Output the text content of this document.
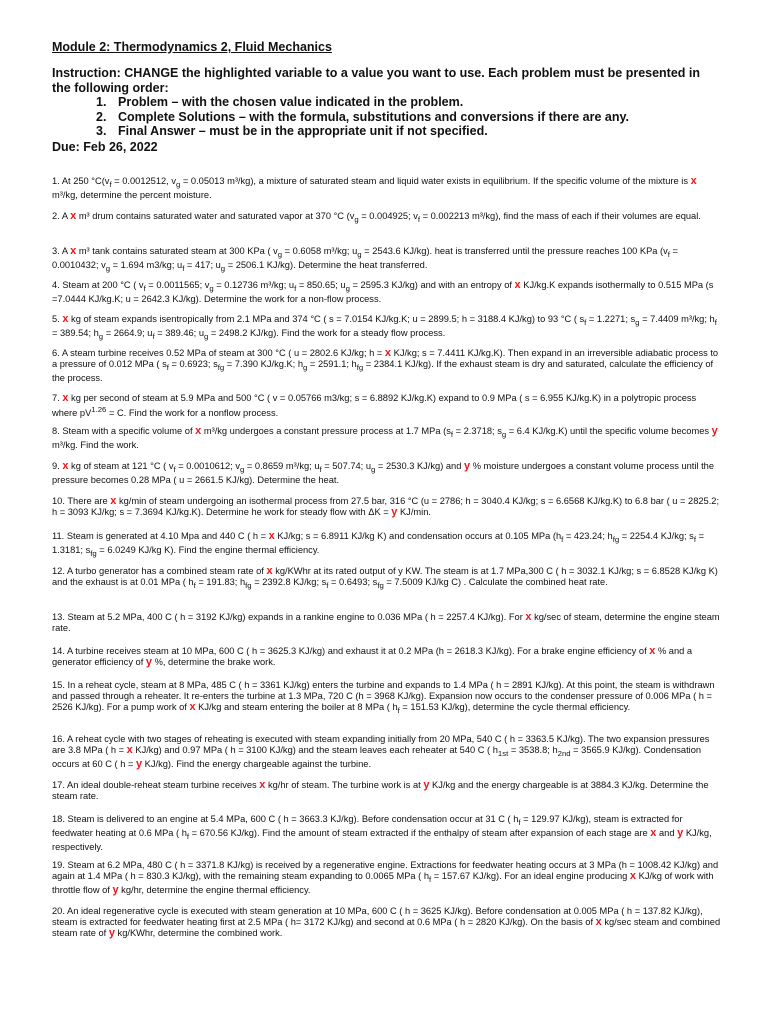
Module 2: Thermodynamics 2, Fluid Mechanics
Instruction: CHANGE the highlighted variable to a value you want to use. Each problem must be presented in the following order:
1. Problem – with the chosen value indicated in the problem.
2. Complete Solutions – with the formula, substitutions and conversions if there are any.
3. Final Answer – must be in the appropriate unit if not specified.
Due: Feb 26, 2022

1. At 250 $^\circ C(v_f = 0.0012512$, $v_g = 0.05013$ m³/kg), a mixture of saturated steam and liquid water exists in equilibrium. If the specific volume of the mixture is x m³/kg, determine the percent moisture.

2. A x m³ drum contains saturated water and saturated vapor at 370 °C ($v_g = 0.004925$; $v_f = 0.002213$ m³/kg), find the mass of each if their volumes are equal.

3. A x m³ tank contains saturated steam at 300 KPa ( $v_g = 0.6058$ m³/kg; $u_g = 2543.6$ KJ/kg). heat is transferred until the pressure reaches 100 KPa ($v_f = 0.0010432$; $v_g = 1.694$ m3/kg; $u_f = 417$; $u_g = 2506.1$ KJ/kg). Determine the heat transferred.

4. Steam at 200 °C ( $v_f = 0.0011565$; $v_g = 0.12736$ m³/kg; $u_f = 850.65$; $u_g = 2595.3$ KJ/kg) and with an entropy of x KJ/kg.K expands isothermally to 0.515 MPa (s =7.0444 KJ/kg.K; u = 2642.3 KJ/kg). Determine the work for a non-flow process.

5. x kg of steam expands isentropically from 2.1 MPa and 374 °C ( s = 7.0154 KJ/kg.K; u = 2899.5; h = 3188.4 KJ/kg) to 93 °C ( $s_f = 1.2271$; $s_g = 7.4409$ m³/kg; $h_f = 389.54$; $h_g = 2664.9$; $u_f = 389.46$; $u_g = 2498.2$ KJ/kg). Find the work for a steady flow process.

6. A steam turbine receives 0.52 MPa of steam at 300 °C ( u = 2802.6 KJ/kg; h = x KJ/kg; s = 7.4411 KJ/kg.K). Then expand in an irreversible adiabatic process to a pressure of 0.012 MPa ( $s_f = 0.6923$; $s_{fg} = 7.390$ KJ/kg.K; $h_g = 2591.1$; $h_{fg} = 2384.1$ KJ/kg). If the exhaust steam is dry and saturated, calculate the efficiency of the process.

7. x kg per second of steam at 5.9 MPa and 500 °C ( v = 0.05766 m3/kg; s = 6.8892 KJ/kg.K) expand to 0.9 MPa ( s = 6.955 KJ/kg.K) in a polytropic process where $pV^{1.26} = C$. Find the work for a nonflow process.

8. Steam with a specific volume of x m³/kg undergoes a constant pressure process at 1.7 MPa ($s_f = 2.3718$; $s_g = 6.4$ KJ/kg.K) until the specific volume becomes y m³/kg. Find the work.

9. x kg of steam at 121 °C ( $v_f = 0.0010612$; $v_g = 0.8659$ m³/kg; $u_f = 507.74$; $u_g = 2530.3$ KJ/kg) and y % moisture undergoes a constant volume process until the pressure becomes 0.28 MPa ( u = 2661.5 KJ/kg). Determine the heat.

10. There are x kg/min of steam undergoing an isothermal process from 27.5 bar, 316 °C (u = 2786; h = 3040.4 KJ/kg; s = 6.6568 KJ/kg.K) to 6.8 bar ( u = 2825.2; h = 3093 KJ/kg; s = 7.3694 KJ/kg.K). Determine he work for steady flow with ΔK = y KJ/min.

11. Steam is generated at 4.10 Mpa and 440 C ( h = x KJ/kg; s = 6.8911 KJ/kg K) and condensation occurs at 0.105 MPa ($h_f = 423.24$; $h_{fg} = 2254.4$ KJ/kg; $s_f = 1.3181$; $s_{fg} = 6.0249$ KJ/kg K). Find the engine thermal efficiency.

12. A turbo generator has a combined steam rate of x kg/KWhr at its rated output of y KW. The steam is at 1.7 MPa,300 C ( h = 3032.1 KJ/kg; s = 6.8528 KJ/kg K) and the exhaust is at 0.01 MPa ( $h_f = 191.83$; $h_{fg} = 2392.8$ KJ/kg; $s_f = 0.6493$; $s_{fg} = 7.5009$ KJ/kg C) . Calculate the combined heat rate.

13. Steam at 5.2 MPa, 400 C ( h = 3192 KJ/kg) expands in a rankine engine to 0.036 MPa ( h = 2257.4 KJ/kg). For x kg/sec of steam, determine the engine steam rate.

14. A turbine receives steam at 10 MPa, 600 C ( h = 3625.3 KJ/kg) and exhaust it at 0.2 MPa (h = 2618.3 KJ/kg). For a brake engine efficiency of x % and a generator efficiency of y %, determine the brake work.

15. In a reheat cycle, steam at 8 MPa, 485 C ( h = 3361 KJ/kg) enters the turbine and expands to 1.4 MPa ( h = 2891 KJ/kg). At this point, the steam is withdrawn and passed through a reheater. It re-enters the turbine at 1.3 MPa, 720 C (h = 3968 KJ/kg). Expansion now occurs to the condenser pressure of 0.006 MPa ( h = 2526 KJ/kg). For a pump work of x KJ/kg and steam entering the boiler at 8 MPa ( $h_f = 151.53$ KJ/kg), determine the cycle thermal efficiency.

16. A reheat cycle with two stages of reheating is executed with steam expanding initially from 20 MPa, 540 C ( h = 3363.5 KJ/kg). The two expansion pressures are 3.8 MPa ( h = x KJ/kg) and 0.97 MPa ( h = 3100 KJ/kg) and the steam leaves each reheater at 540 C ( $h_{1st} = 3538.8$; $h_{2nd} = 3565.9$ KJ/kg). Condensation occurs at 60 C ( h = y KJ/kg). Find the energy chargeable against the turbine.

17. An ideal double-reheat steam turbine receives x kg/hr of steam. The turbine work is at y KJ/kg and the energy chargeable is at 3884.3 KJ/kg. Determine the steam rate.

18. Steam is delivered to an engine at 5.4 MPa, 600 C ( h = 3663.3 KJ/kg). Before condensation occur at 31 C ( $h_f = 129.97$ KJ/kg), steam is extracted for feedwater heating at 0.6 MPa ( $h_f = 670.56$ KJ/kg). Find the amount of steam extracted if the enthalpy of steam after expansion of each stage are x and y KJ/kg, respectively.

19. Steam at 6.2 MPa, 480 C ( h = 3371.8 KJ/kg) is received by a regenerative engine. Extractions for feedwater heating occurs at 3 MPa (h = 1008.42 KJ/kg) and again at 1.4 MPa ( h = 830.3 KJ/kg), with the remaining steam expanding to 0.0065 MPa ( $h_f = 157.67$ KJ/kg). For an ideal engine producing x KJ/kg of work with throttle flow of y kg/hr, determine the engine thermal efficiency.

20. An ideal regenerative cycle is executed with steam generation at 10 MPa, 600 C ( h = 3625 KJ/kg). Before condensation at 0.005 MPa ( h = 137.82 KJ/kg), steam is extracted for feedwater heating first at 2.5 MPa ( h= 3172 KJ/kg) and second at 0.6 MPa ( h = 2820 KJ/kg). On the basis of x kg/sec steam and combined steam rate of y kg/KWhr, determine the combined work.
